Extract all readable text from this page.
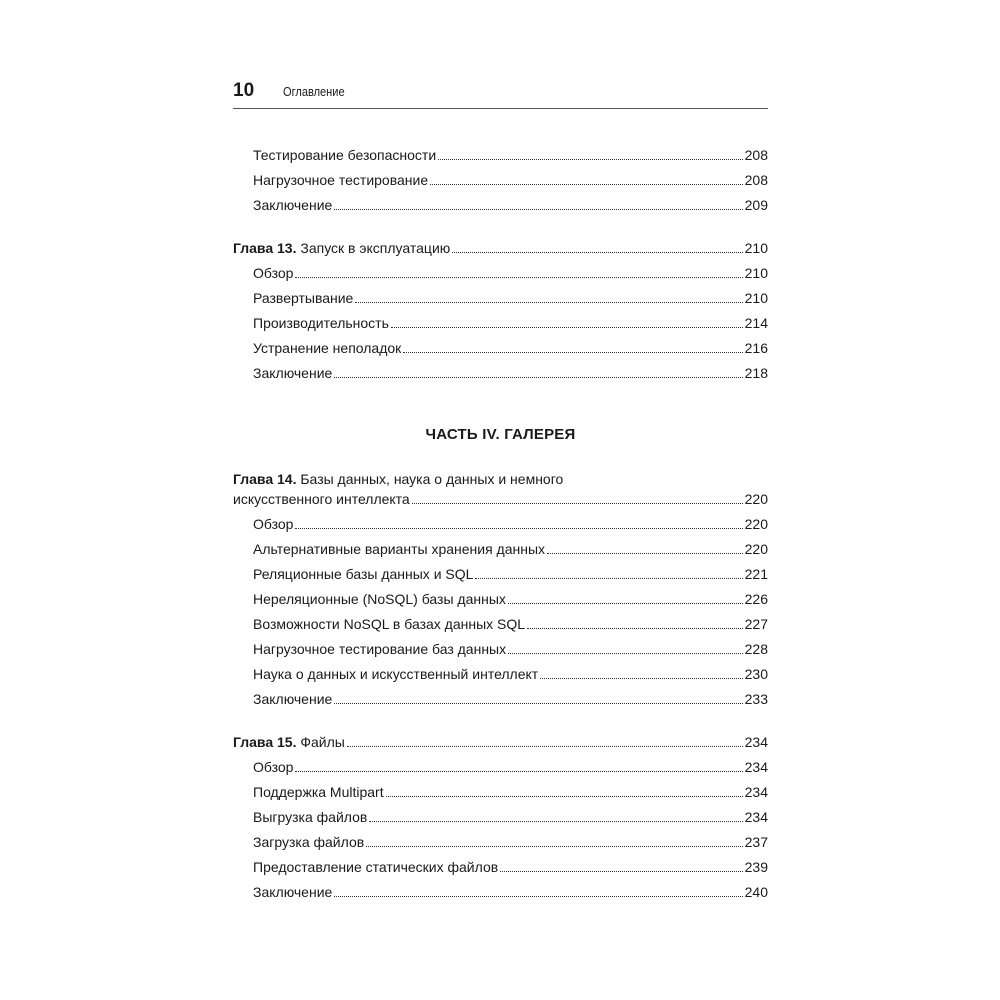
10	Оглавление
Тестирование безопасности	208
Нагрузочное тестирование	208
Заключение	209
Глава 13. Запуск в эксплуатацию	210
Обзор	210
Развертывание	210
Производительность	214
Устранение неполадок	216
Заключение	218
ЧАСТЬ IV. ГАЛЕРЕЯ
Глава 14. Базы данных, наука о данных и немного
искусственного интеллекта	220
Обзор	220
Альтернативные варианты хранения данных	220
Реляционные базы данных и SQL	221
Нереляционные (NoSQL) базы данных	226
Возможности NoSQL в базах данных SQL	227
Нагрузочное тестирование баз данных	228
Наука о данных и искусственный интеллект	230
Заключение	233
Глава 15. Файлы	234
Обзор	234
Поддержка Multipart	234
Выгрузка файлов	234
Загрузка файлов	237
Предоставление статических файлов	239
Заключение	240
